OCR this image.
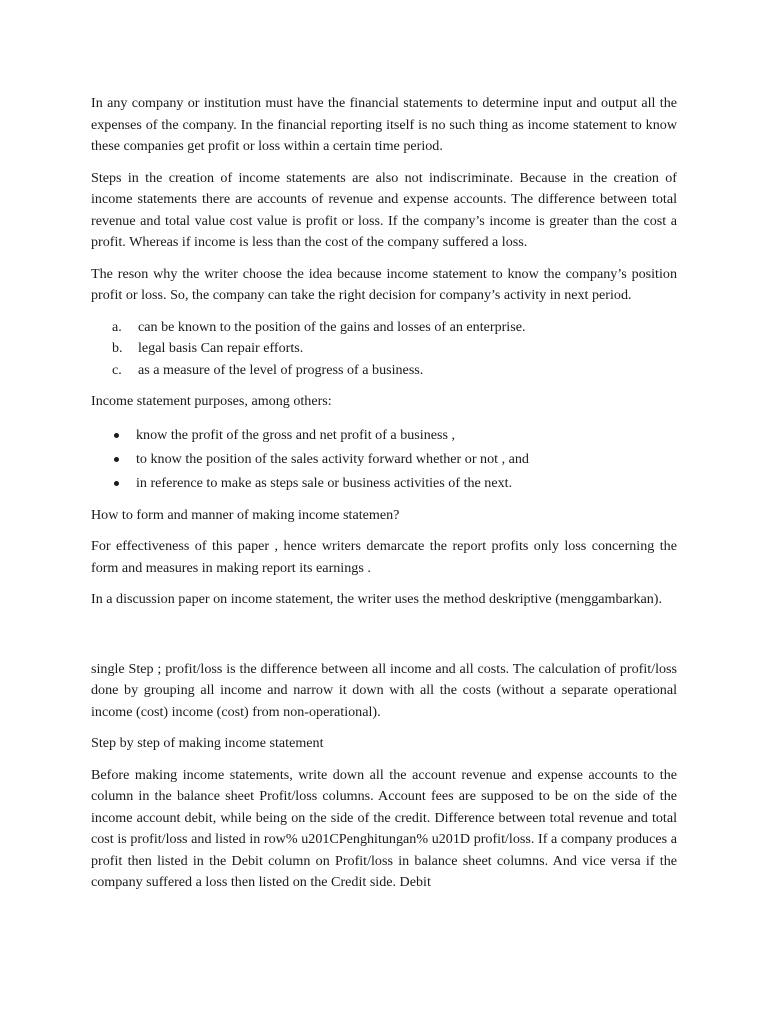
In any company or institution must have the financial statements to determine input and output all the expenses of the company. In the financial reporting itself is no such thing as income statement to know these companies get profit or loss within a certain time period.

Steps in the creation of income statements are also not indiscriminate. Because in the creation of income statements there are accounts of revenue and expense accounts. The difference between total revenue and total value cost value is profit or loss. If the company’s income is greater than the cost a profit. Whereas if income is less than the cost of the company suffered a loss.

The reson why the writer choose the idea because income statement to know the company’s position profit or loss. So, the company can take the right decision for company’s activity in next period.

a. can be known to the position of the gains and losses of an enterprise.
b. legal basis Can repair efforts.
c. as a measure of the level of progress of a business.

Income statement purposes, among others:

know the profit of the gross and net profit of a business ,
to know the position of the sales activity forward whether or not , and
in reference to make as steps sale or business activities of the next.

How to form and manner of making income statemen?

For effectiveness of this paper , hence writers demarcate the report profits only loss concerning the form and measures in making report its earnings .

In a discussion paper on income statement, the writer uses the method deskriptive (menggambarkan).

single Step ; profit/loss is the difference between all income and all costs. The calculation of profit/loss done by grouping all income and narrow it down with all the costs (without a separate operational income (cost) income (cost) from non-operational).

Step by step of making income statement

Before making income statements, write down all the account revenue and expense accounts to the column in the balance sheet Profit/loss columns. Account fees are supposed to be on the side of the income account debit, while being on the side of the credit. Difference between total revenue and total cost is profit/loss and listed in row% u201CPenghitungan% u201D profit/loss. If a company produces a profit then listed in the Debit column on Profit/loss in balance sheet columns. And vice versa if the company suffered a loss then listed on the Credit side. Debit
